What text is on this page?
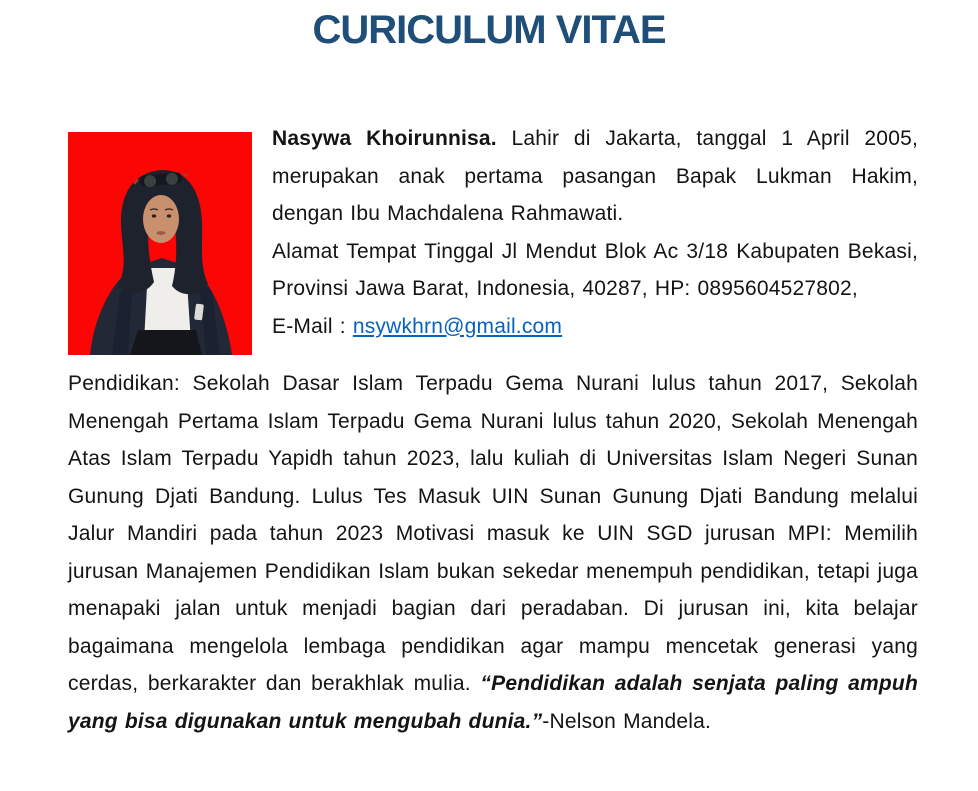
CURICULUM VITAE

Nasywa Khoirunnisa. Lahir di Jakarta, tanggal 1 April 2005, merupakan anak pertama pasangan Bapak Lukman Hakim, dengan Ibu Machdalena Rahmawati.

Alamat Tempat Tinggal Jl Mendut Blok Ac 3/18 Kabupaten Bekasi, Provinsi Jawa Barat, Indonesia, 40287, HP: 0895604527802,

E-Mail : nsywkhrn@gmail.com

Pendidikan: Sekolah Dasar Islam Terpadu Gema Nurani lulus tahun 2017, Sekolah Menengah Pertama Islam Terpadu Gema Nurani lulus tahun 2020, Sekolah Menengah Atas Islam Terpadu Yapidh tahun 2023, lalu kuliah di Universitas Islam Negeri Sunan Gunung Djati Bandung. Lulus Tes Masuk UIN Sunan Gunung Djati Bandung melalui Jalur Mandiri pada tahun 2023 Motivasi masuk ke UIN SGD jurusan MPI: Memilih jurusan Manajemen Pendidikan Islam bukan sekedar menempuh pendidikan, tetapi juga menapaki jalan untuk menjadi bagian dari peradaban. Di jurusan ini, kita belajar bagaimana mengelola lembaga pendidikan agar mampu mencetak generasi yang cerdas, berkarakter dan berakhlak mulia. “Pendidikan adalah senjata paling ampuh yang bisa digunakan untuk mengubah dunia.”-Nelson Mandela.
